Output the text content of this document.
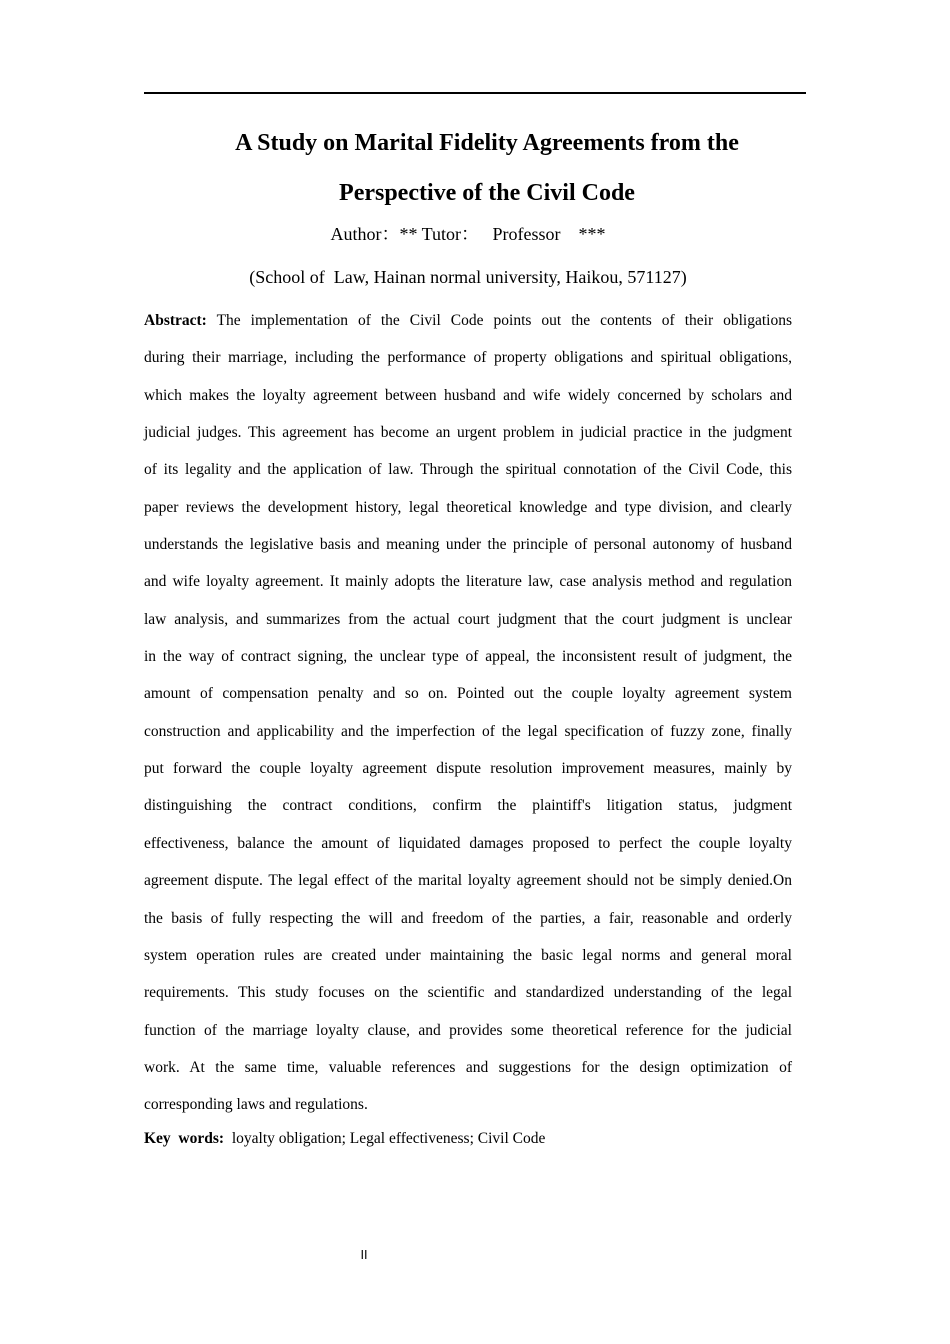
A Study on Marital Fidelity Agreements from the
Perspective of the Civil Code
Author：** Tutor：   Professor    ***
(School of  Law, Hainan normal university, Haikou, 571127)
Abstract: The implementation of the Civil Code points out the contents of their obligations
during their marriage, including the performance of property obligations and spiritual obligations,
which makes the loyalty agreement between husband and wife widely concerned by scholars and
judicial judges. This agreement has become an urgent problem in judicial practice in the judgment
of its legality and the application of law. Through the spiritual connotation of the Civil Code, this
paper reviews the development history, legal theoretical knowledge and type division, and clearly
understands the legislative basis and meaning under the principle of personal autonomy of husband
and wife loyalty agreement. It mainly adopts the literature law, case analysis method and regulation
law analysis, and summarizes from the actual court judgment that the court judgment is unclear
in the way of contract signing, the unclear type of appeal, the inconsistent result of judgment, the
amount of compensation penalty and so on. Pointed out the couple loyalty agreement system
construction and applicability and the imperfection of the legal specification of fuzzy zone, finally
put forward the couple loyalty agreement dispute resolution improvement measures, mainly by
distinguishing the contract conditions, confirm the plaintiff's litigation status, judgment
effectiveness, balance the amount of liquidated damages proposed to perfect the couple loyalty
agreement dispute. The legal effect of the marital loyalty agreement should not be simply denied.On
the basis of fully respecting the will and freedom of the parties, a fair, reasonable and orderly
system operation rules are created under maintaining the basic legal norms and general moral
requirements. This study focuses on the scientific and standardized understanding of the legal
function of the marriage loyalty clause, and provides some theoretical reference for the judicial
work. At the same time, valuable references and suggestions for the design optimization of
corresponding laws and regulations.
Key  words:  loyalty obligation; Legal effectiveness; Civil Code
II
